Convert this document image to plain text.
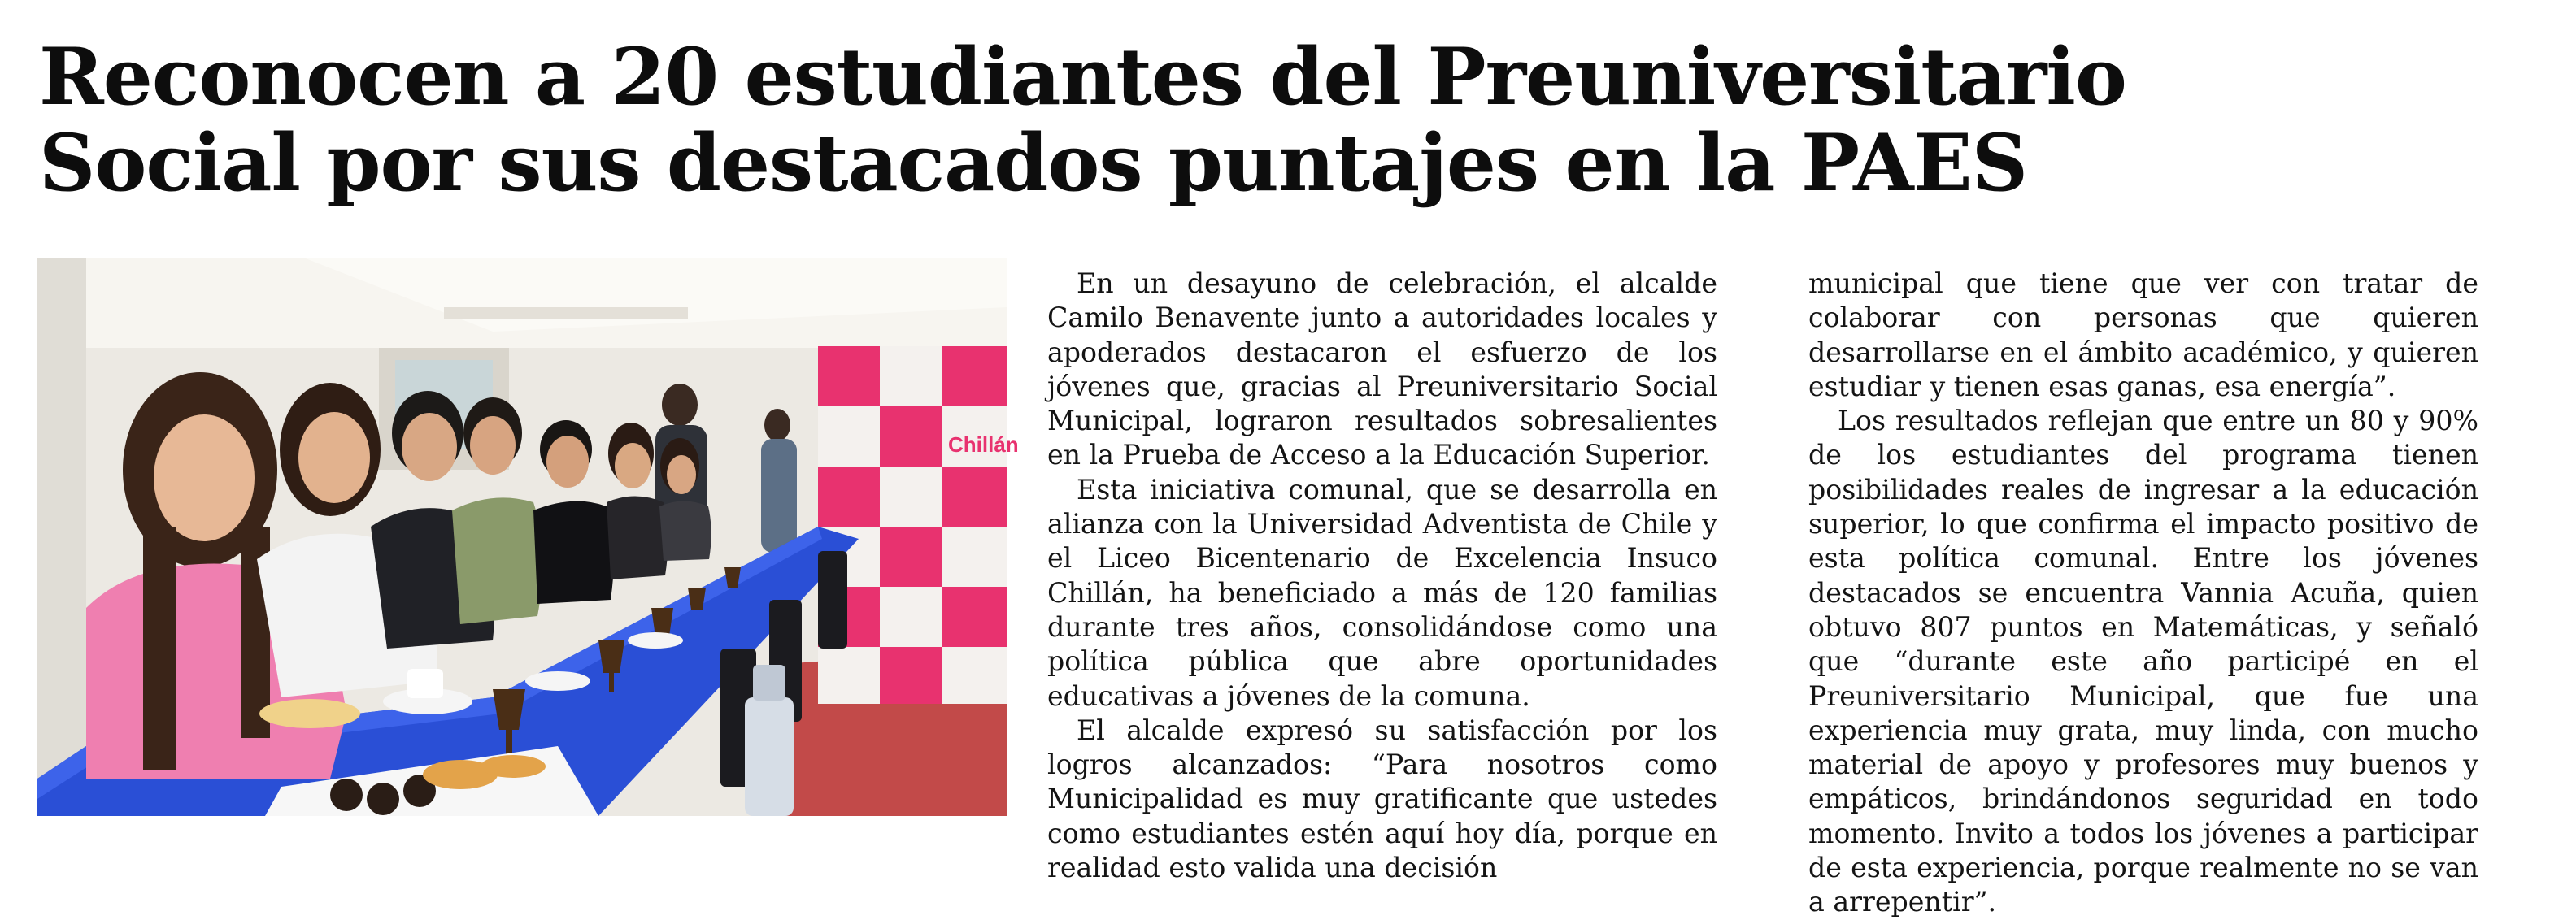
Reconocen a 20 estudiantes del Preuniversitario
Social por sus destacados puntajes en la PAES
Chillán

En un desayuno de celebración, el alcalde Camilo Benavente junto a autoridades locales y apoderados destacaron el esfuerzo de los jóvenes que, gracias al Preuniversitario Social Municipal, lograron resultados sobresalientes en la Prueba de Acceso a la Educación Superior.

Esta iniciativa comunal, que se desarrolla en alianza con la Universidad Adventista de Chile y el Liceo Bicentenario de Excelencia Insuco Chillán, ha beneficiado a más de 120 familias durante tres años, consolidándose como una política pública que abre oportunidades educativas a jóvenes de la comuna.

El alcalde expresó su satisfacción por los logros alcanzados: “Para nosotros como Municipalidad es muy gratificante que ustedes como estudiantes estén aquí hoy día, porque en realidad esto valida una decisión

municipal que tiene que ver con tratar de colaborar con personas que quieren desarrollarse en el ámbito académico, y quieren estudiar y tienen esas ganas, esa energía”.

Los resultados reflejan que entre un 80 y 90% de los estudiantes del programa tienen posibilidades reales de ingresar a la educación superior, lo que confirma el impacto positivo de esta política comunal. Entre los jóvenes destacados se encuentra Vannia Acuña, quien obtuvo 807 puntos en Matemáticas, y señaló que “durante este año participé en el Preuniversitario Municipal, que fue una experiencia muy grata, muy linda, con mucho material de apoyo y profesores muy buenos y empáticos, brindándonos seguridad en todo momento. Invito a todos los jóvenes a participar de esta experiencia, porque realmente no se van a arrepentir”.
